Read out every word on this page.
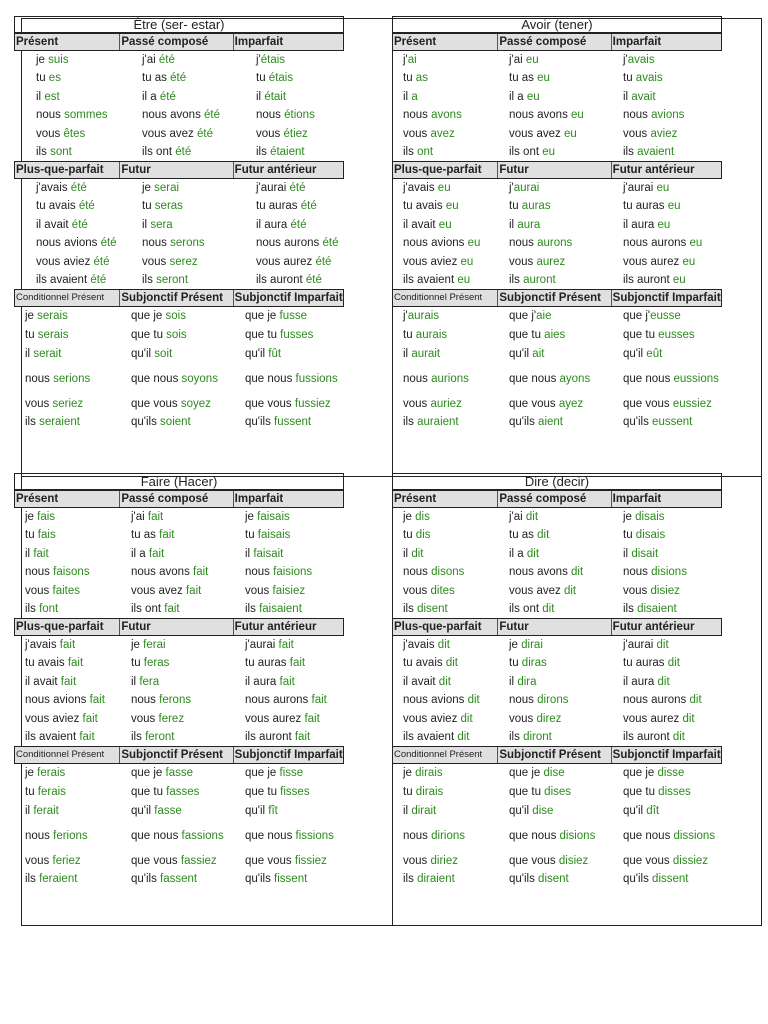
Être (ser- estar)
Présent	Passé composé	Imparfait
je suis	j'ai été	j'étais
tu es	tu as été	tu étais
il est	il a été	il était
nous sommes	nous avons été	nous étions
vous êtes	vous avez été	vous étiez
ils sont	ils ont été	ils étaient
Plus-que-parfait	Futur	Futur antérieur
j'avais été	je serai	j'aurai été
tu avais été	tu seras	tu auras été
il avait été	il sera	il aura été
nous avions été	nous serons	nous aurons été
vous aviez été	vous serez	vous aurez été
ils avaient été	ils seront	ils auront été
Conditionnel Présent	Subjonctif Présent	Subjonctif Imparfait
je serais	que je sois	que je fusse
tu serais	que tu sois	que tu fusses
il serait	qu'il soit	qu'il fût
nous serions	que nous soyons	que nous fussions
vous seriez	que vous soyez	que vous fussiez
ils seraient	qu'ils soient	qu'ils fussent
Avoir (tener)
Présent	Passé composé	Imparfait
j'ai	j'ai eu	j'avais
tu as	tu as eu	tu avais
il a	il a eu	il avait
nous avons	nous avons eu	nous avions
vous avez	vous avez eu	vous aviez
ils ont	ils ont eu	ils avaient
Plus-que-parfait	Futur	Futur antérieur
j'avais eu	j'aurai	j'aurai eu
tu avais eu	tu auras	tu auras eu
il avait eu	il aura	il aura eu
nous avions eu	nous aurons	nous aurons eu
vous aviez eu	vous aurez	vous aurez eu
ils avaient eu	ils auront	ils auront eu
Conditionnel Présent	Subjonctif Présent	Subjonctif Imparfait
j'aurais	que j'aie	que j'eusse
tu aurais	que tu aies	que tu eusses
il aurait	qu'il ait	qu'il eût
nous aurions	que nous ayons	que nous eussions
vous auriez	que vous ayez	que vous eussiez
ils auraient	qu'ils aient	qu'ils eussent
Faire (Hacer)
Présent	Passé composé	Imparfait
je fais	j'ai fait	je faisais
tu fais	tu as fait	tu faisais
il fait	il a fait	il faisait
nous faisons	nous avons fait	nous faisions
vous faites	vous avez fait	vous faisiez
ils font	ils ont fait	ils faisaient
Plus-que-parfait	Futur	Futur antérieur
j'avais fait	je ferai	j'aurai fait
tu avais fait	tu feras	tu auras fait
il avait fait	il fera	il aura fait
nous avions fait	nous ferons	nous aurons fait
vous aviez fait	vous ferez	vous aurez fait
ils avaient fait	ils feront	ils auront fait
Conditionnel Présent	Subjonctif Présent	Subjonctif Imparfait
je ferais	que je fasse	que je fisse
tu ferais	que tu fasses	que tu fisses
il ferait	qu'il fasse	qu'il fît
nous ferions	que nous fassions	que nous fissions
vous feriez	que vous fassiez	que vous fissiez
ils feraient	qu'ils fassent	qu'ils fissent
Dire (decir)
Présent	Passé composé	Imparfait
je dis	j'ai dit	je disais
tu dis	tu as dit	tu disais
il dit	il a dit	il disait
nous disons	nous avons dit	nous disions
vous dites	vous avez dit	vous disiez
ils disent	ils ont dit	ils disaient
Plus-que-parfait	Futur	Futur antérieur
j'avais dit	je dirai	j'aurai dit
tu avais dit	tu diras	tu auras dit
il avait dit	il dira	il aura dit
nous avions dit	nous dirons	nous aurons dit
vous aviez dit	vous direz	vous aurez dit
ils avaient dit	ils diront	ils auront dit
Conditionnel Présent	Subjonctif Présent	Subjonctif Imparfait
je dirais	que je dise	que je disse
tu dirais	que tu dises	que tu disses
il dirait	qu'il dise	qu'il dît
nous dirions	que nous disions	que nous dissions
vous diriez	que vous disiez	que vous dissiez
ils diraient	qu'ils disent	qu'ils dissent
